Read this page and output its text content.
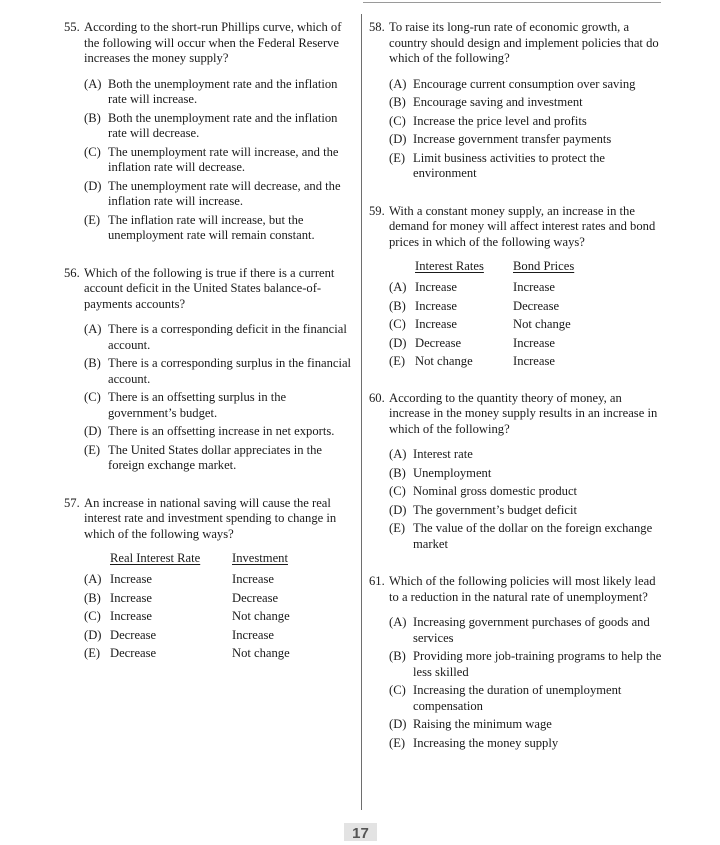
55. According to the short-run Phillips curve, which of the following will occur when the Federal Reserve increases the money supply?
(A) Both the unemployment rate and the inflation rate will increase.
(B) Both the unemployment rate and the inflation rate will decrease.
(C) The unemployment rate will increase, and the inflation rate will decrease.
(D) The unemployment rate will decrease, and the inflation rate will increase.
(E) The inflation rate will increase, but the unemployment rate will remain constant.
56. Which of the following is true if there is a current account deficit in the United States balance-of-payments accounts?
(A) There is a corresponding deficit in the financial account.
(B) There is a corresponding surplus in the financial account.
(C) There is an offsetting surplus in the government’s budget.
(D) There is an offsetting increase in net exports.
(E) The United States dollar appreciates in the foreign exchange market.
57. An increase in national saving will cause the real interest rate and investment spending to change in which of the following ways?
Real Interest Rate	Investment
(A) Increase	Increase
(B) Increase	Decrease
(C) Increase	Not change
(D) Decrease	Increase
(E) Decrease	Not change
58. To raise its long-run rate of economic growth, a country should design and implement policies that do which of the following?
(A) Encourage current consumption over saving
(B) Encourage saving and investment
(C) Increase the price level and profits
(D) Increase government transfer payments
(E) Limit business activities to protect the environment
59. With a constant money supply, an increase in the demand for money will affect interest rates and bond prices in which of the following ways?
Interest Rates	Bond Prices
(A) Increase	Increase
(B) Increase	Decrease
(C) Increase	Not change
(D) Decrease	Increase
(E) Not change	Increase
60. According to the quantity theory of money, an increase in the money supply results in an increase in which of the following?
(A) Interest rate
(B) Unemployment
(C) Nominal gross domestic product
(D) The government’s budget deficit
(E) The value of the dollar on the foreign exchange market
61. Which of the following policies will most likely lead to a reduction in the natural rate of unemployment?
(A) Increasing government purchases of goods and services
(B) Providing more job-training programs to help the less skilled
(C) Increasing the duration of unemployment compensation
(D) Raising the minimum wage
(E) Increasing the money supply
17
